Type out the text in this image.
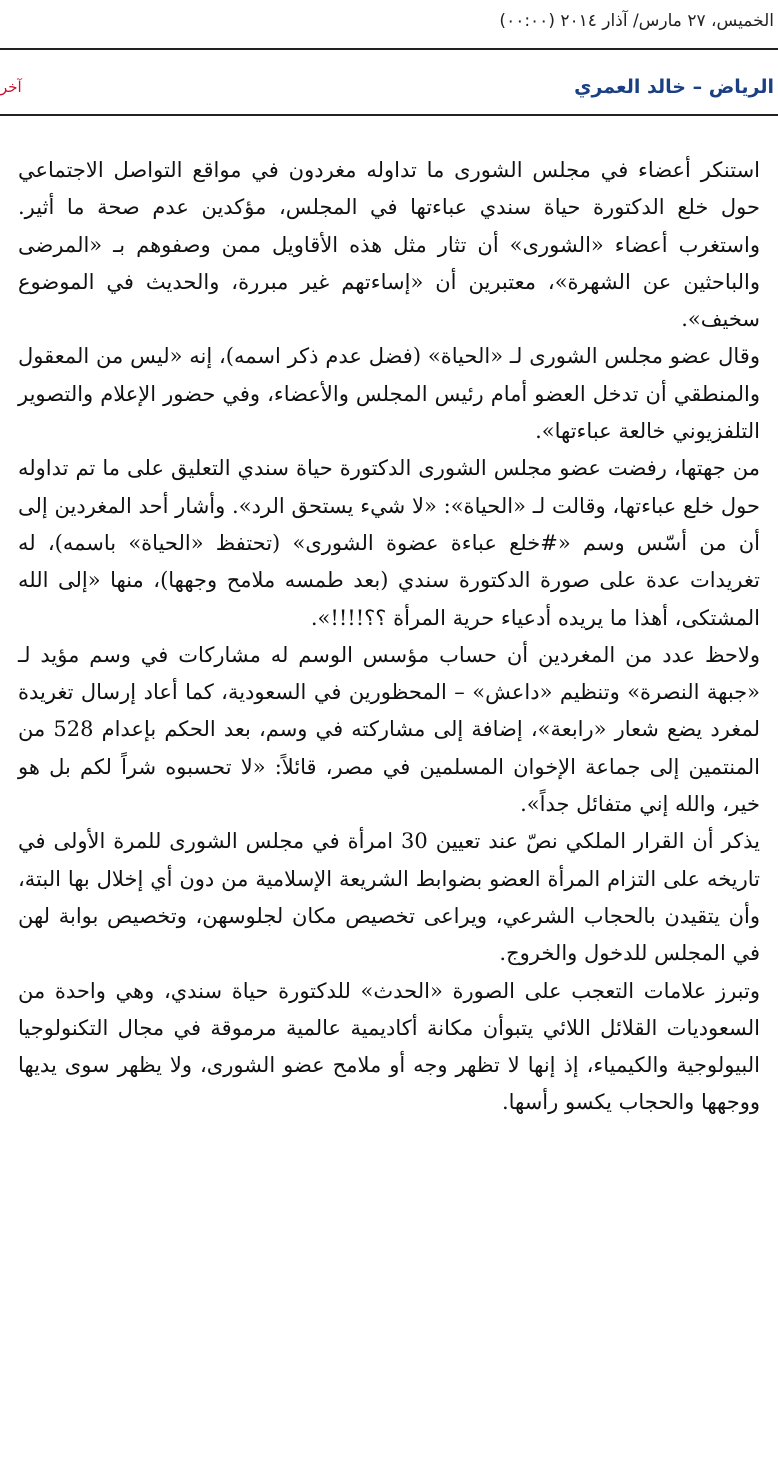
الخميس، ٢٧ مارس/ آذار ٢٠١٤ (٠٠:٠٠)
الرياض – خالد العمري
آخر

استنكر أعضاء في مجلس الشورى ما تداوله مغردون في مواقع التواصل الاجتماعي حول خلع الدكتورة حياة سندي عباءتها في المجلس، مؤكدين عدم صحة ما أثير. واستغرب أعضاء «الشورى» أن تثار مثل هذه الأقاويل ممن وصفوهم بـ «المرضى والباحثين عن الشهرة»، معتبرين أن «إساءتهم غير مبررة، والحديث في الموضوع سخيف».

وقال عضو مجلس الشورى لـ «الحياة» (فضل عدم ذكر اسمه)، إنه «ليس من المعقول والمنطقي أن تدخل العضو أمام رئيس المجلس والأعضاء، وفي حضور الإعلام والتصوير التلفزيوني خالعة عباءتها».

من جهتها، رفضت عضو مجلس الشورى الدكتورة حياة سندي التعليق على ما تم تداوله حول خلع عباءتها، وقالت لـ «الحياة»: «لا شيء يستحق الرد». وأشار أحد المغردين إلى أن من أسّس وسم «#خلع عباءة عضوة الشورى» (تحتفظ «الحياة» باسمه)، له تغريدات عدة على صورة الدكتورة سندي (بعد طمسه ملامح وجهها)، منها «إلى الله المشتكى، أهذا ما يريده أدعياء حرية المرأة ؟؟!!!!».

ولاحظ عدد من المغردين أن حساب مؤسس الوسم له مشاركات في وسم مؤيد لـ «جبهة النصرة» وتنظيم «داعش» – المحظورين في السعودية، كما أعاد إرسال تغريدة لمغرد يضع شعار «رابعة»، إضافة إلى مشاركته في وسم، بعد الحكم بإعدام 528 من المنتمين إلى جماعة الإخوان المسلمين في مصر، قائلاً: «لا تحسبوه شراً لكم بل هو خير، والله إني متفائل جداً».

يذكر أن القرار الملكي نصّ عند تعيين 30 امرأة في مجلس الشورى للمرة الأولى في تاريخه على التزام المرأة العضو بضوابط الشريعة الإسلامية من دون أي إخلال بها البتة، وأن يتقيدن بالحجاب الشرعي، ويراعى تخصيص مكان لجلوسهن، وتخصيص بوابة لهن في المجلس للدخول والخروج.

وتبرز علامات التعجب على الصورة «الحدث» للدكتورة حياة سندي، وهي واحدة من السعوديات القلائل اللائي يتبوأن مكانة أكاديمية عالمية مرموقة في مجال التكنولوجيا البيولوجية والكيمياء، إذ إنها لا تظهر وجه أو ملامح عضو الشورى، ولا يظهر سوى يديها ووجهها والحجاب يكسو رأسها.
